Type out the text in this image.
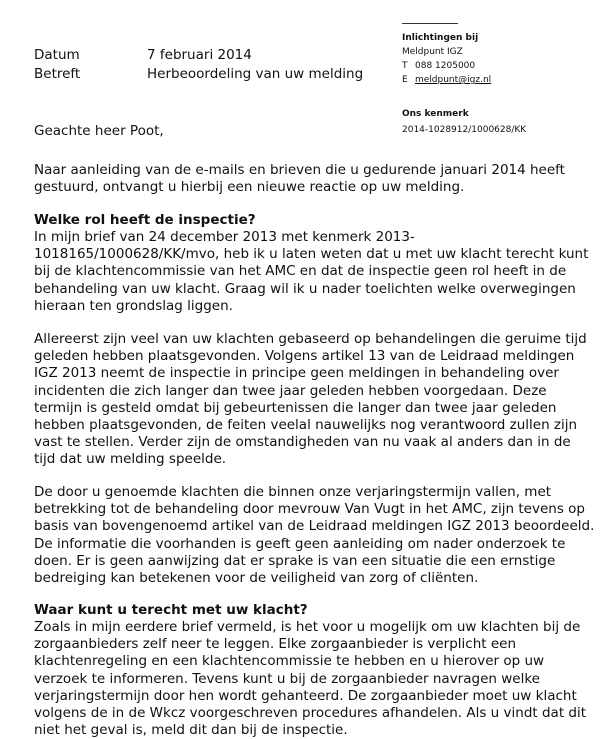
Datum	7 februari 2014
Betreft	Herbeoordeling van uw melding
Inlichtingen bij
Meldpunt IGZ
T 088 1205000
E meldpunt@igz.nl
Ons kenmerk
2014-1028912/1000628/KK
Geachte heer Poot,
Naar aanleiding van de e-mails en brieven die u gedurende januari 2014 heeft
gestuurd, ontvangt u hierbij een nieuwe reactie op uw melding.
Welke rol heeft de inspectie?
In mijn brief van 24 december 2013 met kenmerk 2013-
1018165/1000628/KK/mvo, heb ik u laten weten dat u met uw klacht terecht kunt
bij de klachtencommissie van het AMC en dat de inspectie geen rol heeft in de
behandeling van uw klacht. Graag wil ik u nader toelichten welke overwegingen
hieraan ten grondslag liggen.
Allereerst zijn veel van uw klachten gebaseerd op behandelingen die geruime tijd
geleden hebben plaatsgevonden. Volgens artikel 13 van de Leidraad meldingen
IGZ 2013 neemt de inspectie in principe geen meldingen in behandeling over
incidenten die zich langer dan twee jaar geleden hebben voorgedaan. Deze
termijn is gesteld omdat bij gebeurtenissen die langer dan twee jaar geleden
hebben plaatsgevonden, de feiten veelal nauwelijks nog verantwoord zullen zijn
vast te stellen. Verder zijn de omstandigheden van nu vaak al anders dan in de
tijd dat uw melding speelde.
De door u genoemde klachten die binnen onze verjaringstermijn vallen, met
betrekking tot de behandeling door mevrouw Van Vugt in het AMC, zijn tevens op
basis van bovengenoemd artikel van de Leidraad meldingen IGZ 2013 beoordeeld.
De informatie die voorhanden is geeft geen aanleiding om nader onderzoek te
doen. Er is geen aanwijzing dat er sprake is van een situatie die een ernstige
bedreiging kan betekenen voor de veiligheid van zorg of cliënten.
Waar kunt u terecht met uw klacht?
Zoals in mijn eerdere brief vermeld, is het voor u mogelijk om uw klachten bij de
zorgaanbieders zelf neer te leggen. Elke zorgaanbieder is verplicht een
klachtenregeling en een klachtencommissie te hebben en u hierover op uw
verzoek te informeren. Tevens kunt u bij de zorgaanbieder navragen welke
verjaringstermijn door hen wordt gehanteerd. De zorgaanbieder moet uw klacht
volgens de in de Wkcz voorgeschreven procedures afhandelen. Als u vindt dat dit
niet het geval is, meld dit dan bij de inspectie.
